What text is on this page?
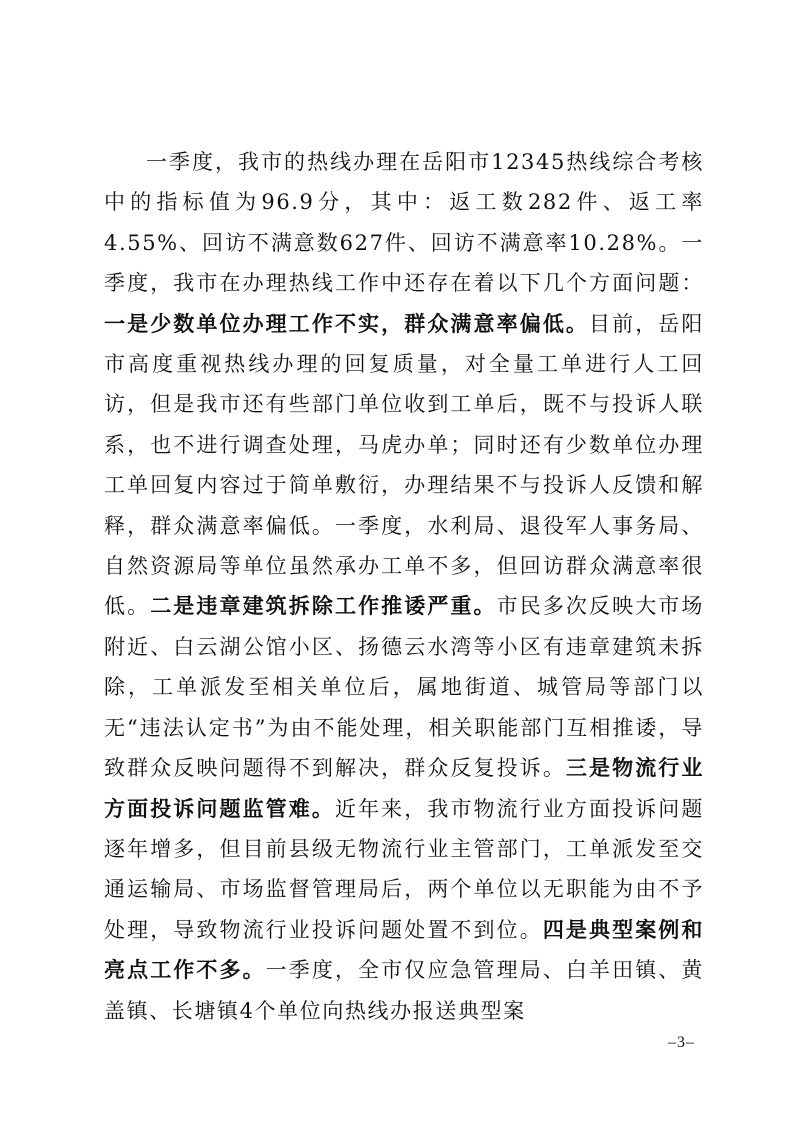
一季度，我市的热线办理在岳阳市12345热线综合考核中的指标值为96.9分，其中：返工数282件、返工率4.55%、回访不满意数627件、回访不满意率10.28%。一季度，我市在办理热线工作中还存在着以下几个方面问题：一是少数单位办理工作不实，群众满意率偏低。目前，岳阳市高度重视热线办理的回复质量，对全量工单进行人工回访，但是我市还有些部门单位收到工单后，既不与投诉人联系，也不进行调查处理，马虎办单；同时还有少数单位办理工单回复内容过于简单敷衍，办理结果不与投诉人反馈和解释，群众满意率偏低。一季度，水利局、退役军人事务局、自然资源局等单位虽然承办工单不多，但回访群众满意率很低。二是违章建筑拆除工作推诿严重。市民多次反映大市场附近、白云湖公馆小区、扬德云水湾等小区有违章建筑未拆除，工单派发至相关单位后，属地街道、城管局等部门以无“违法认定书”为由不能处理，相关职能部门互相推诿，导致群众反映问题得不到解决，群众反复投诉。三是物流行业方面投诉问题监管难。近年来，我市物流行业方面投诉问题逐年增多，但目前县级无物流行业主管部门，工单派发至交通运输局、市场监督管理局后，两个单位以无职能为由不予处理，导致物流行业投诉问题处置不到位。四是典型案例和亮点工作不多。一季度，全市仅应急管理局、白羊田镇、黄盖镇、长塘镇4个单位向热线办报送典型案

–3–
